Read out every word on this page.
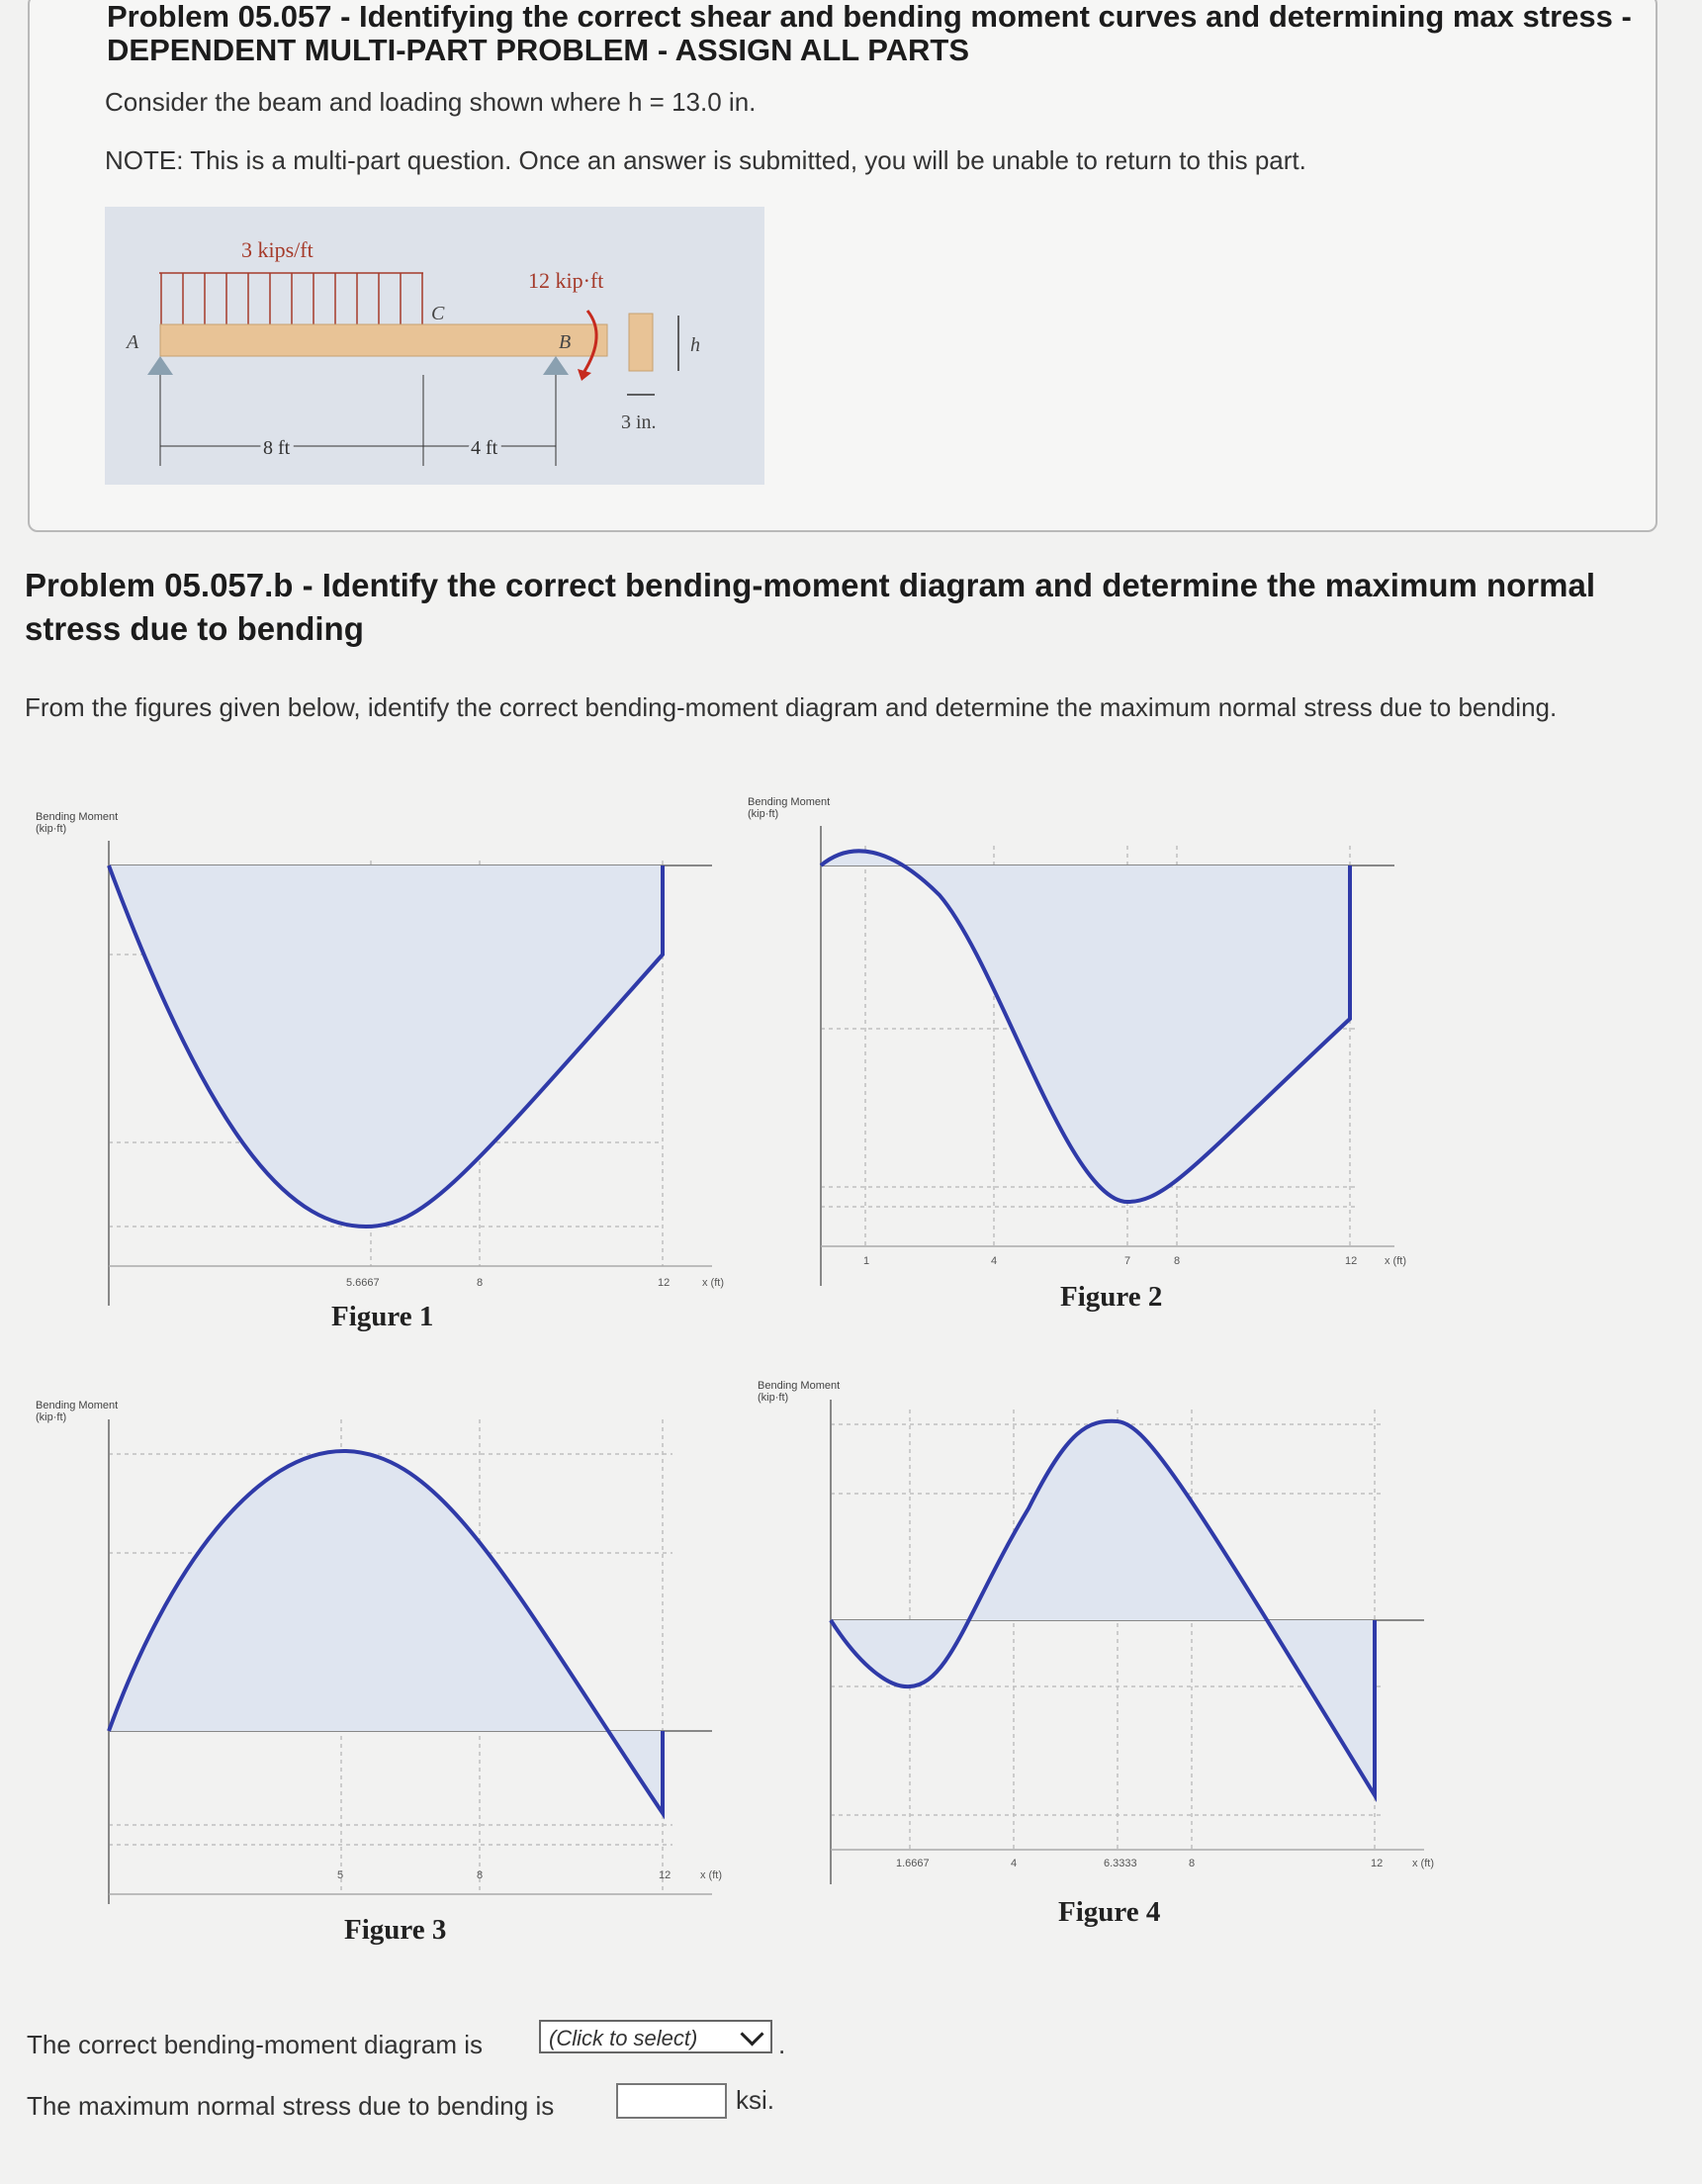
Problem 05.057 - Identifying the correct shear and bending moment curves and determining max stress -
DEPENDENT MULTI-PART PROBLEM - ASSIGN ALL PARTS
Consider the beam and loading shown where h = 13.0 in.
NOTE: This is a multi-part question. Once an answer is submitted, you will be unable to return to this part.
3 kips/ft
A
C
B
12 kip·ft
h
3 in.
8 ft	4 ft
Problem 05.057.b - Identify the correct bending-moment diagram and determine the maximum normal stress due to bending
From the figures given below, identify the correct bending-moment diagram and determine the maximum normal stress due to bending.
Bending Moment (kip·ft)
5.6667	8	12	x (ft)
Figure 1
Bending Moment (kip·ft)
1	4	7	8	12	x (ft)
Figure 2
Bending Moment (kip·ft)
5	8	12	x (ft)
Figure 3
Bending Moment (kip·ft)
1.6667	4	6.3333	8	12	x (ft)
Figure 4
The correct bending-moment diagram is	(Click to select)	.
The maximum normal stress due to bending is	ksi.
